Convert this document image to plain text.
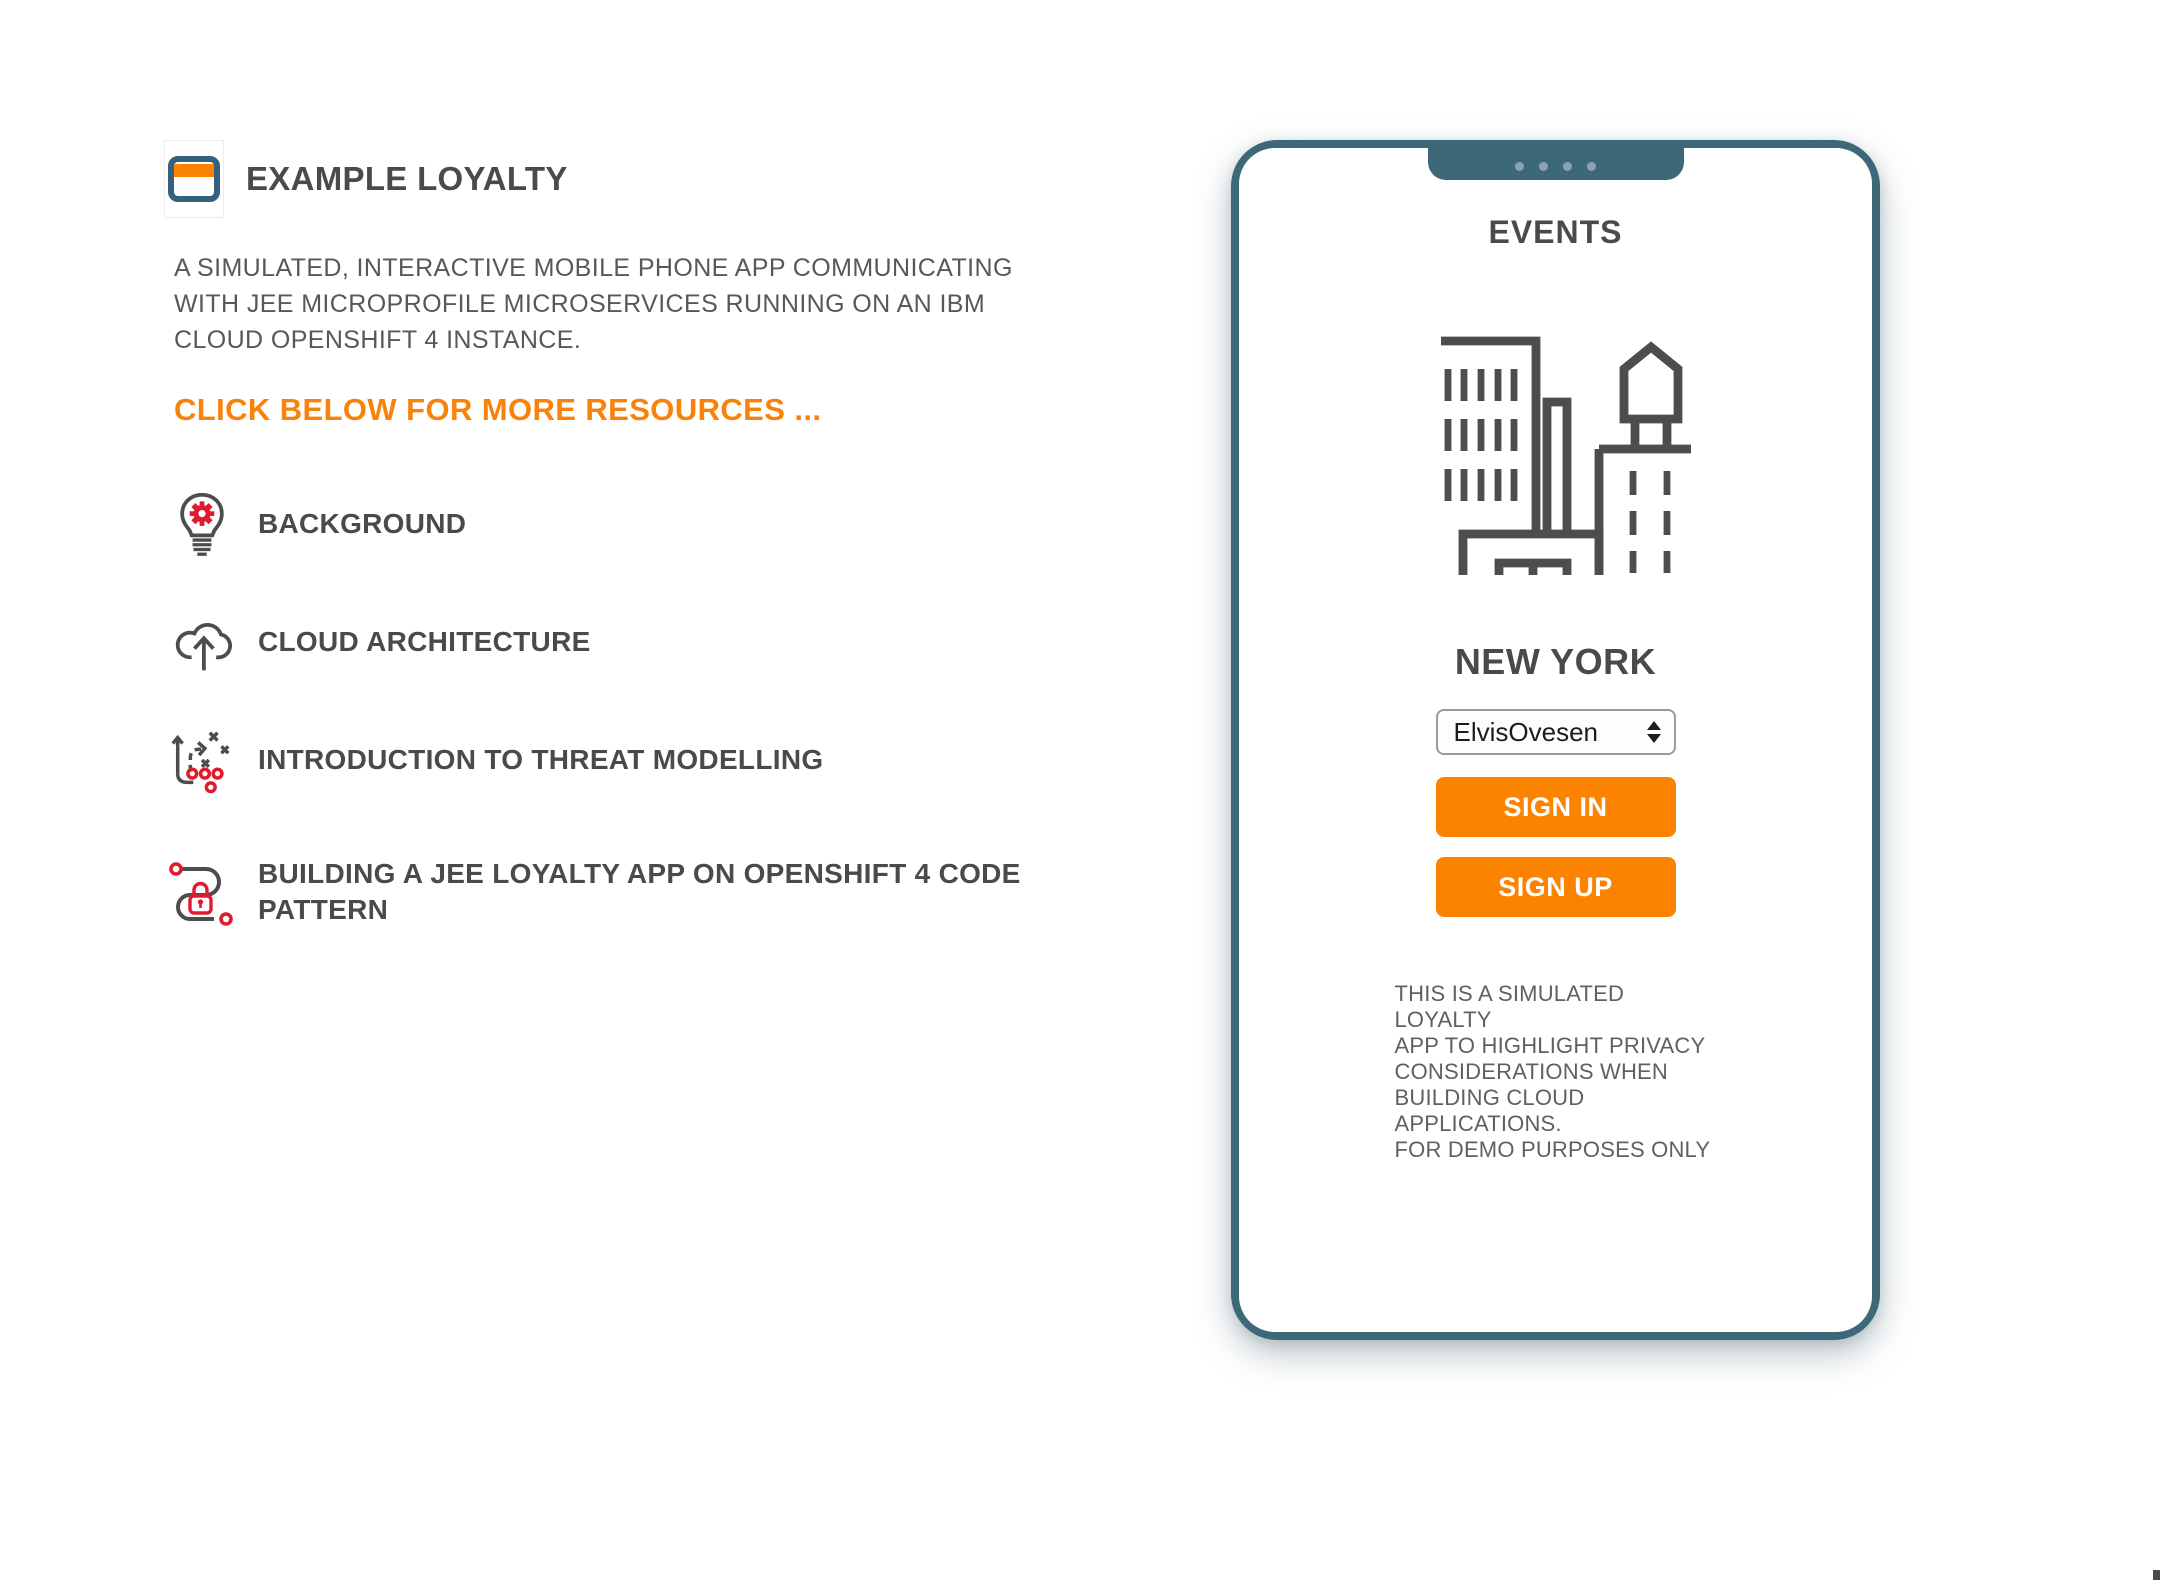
EXAMPLE LOYALTY
A SIMULATED, INTERACTIVE MOBILE PHONE APP COMMUNICATING
WITH JEE MICROPROFILE MICROSERVICES RUNNING ON AN IBM
CLOUD OPENSHIFT 4 INSTANCE.
CLICK BELOW FOR MORE RESOURCES ...
BACKGROUND
CLOUD ARCHITECTURE
INTRODUCTION TO THREAT MODELLING
BUILDING A JEE LOYALTY APP ON OPENSHIFT 4 CODE PATTERN
EVENTS
NEW YORK
ElvisOvesen
SIGN IN
SIGN UP
THIS IS A SIMULATED LOYALTY
APP TO HIGHLIGHT PRIVACY
CONSIDERATIONS WHEN
BUILDING CLOUD APPLICATIONS.
FOR DEMO PURPOSES ONLY
